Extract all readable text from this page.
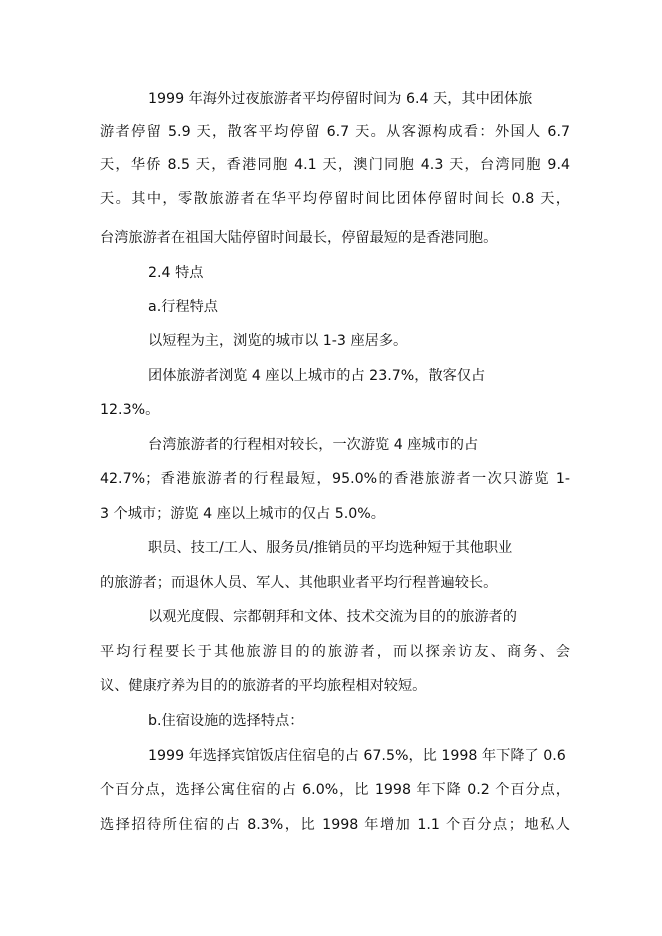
1999 年海外过夜旅游者平均停留时间为 6.4 天，其中团体旅
游者停留 5.9 天，散客平均停留 6.7 天。从客源构成看：外国人 6.7
天，华侨 8.5 天，香港同胞 4.1 天，澳门同胞 4.3 天，台湾同胞 9.4
天。其中，零散旅游者在华平均停留时间比团体停留时间长 0.8 天，
台湾旅游者在祖国大陆停留时间最长，停留最短的是香港同胞。
2.4 特点
a.行程特点
以短程为主，浏览的城市以 1-3 座居多。
团体旅游者浏览 4 座以上城市的占 23.7%，散客仅占
12.3%。
台湾旅游者的行程相对较长，一次游览 4 座城市的占
42.7%；香港旅游者的行程最短，95.0%的香港旅游者一次只游览 1-
3 个城市；游览 4 座以上城市的仅占 5.0%。
职员、技工/工人、服务员/推销员的平均选种短于其他职业
的旅游者；而退休人员、军人、其他职业者平均行程普遍较长。
以观光度假、宗都朝拜和文体、技术交流为目的的旅游者的
平均行程要长于其他旅游目的的旅游者，而以探亲访友、商务、会
议、健康疗养为目的的旅游者的平均旅程相对较短。
b.住宿设施的选择特点：
1999 年选择宾馆饭店住宿皂的占 67.5%，比 1998 年下降了 0.6
个百分点，选择公寓住宿的占 6.0%，比 1998 年下降 0.2 个百分点，
选择招待所住宿的占 8.3%，比 1998 年增加 1.1 个百分点；地私人
